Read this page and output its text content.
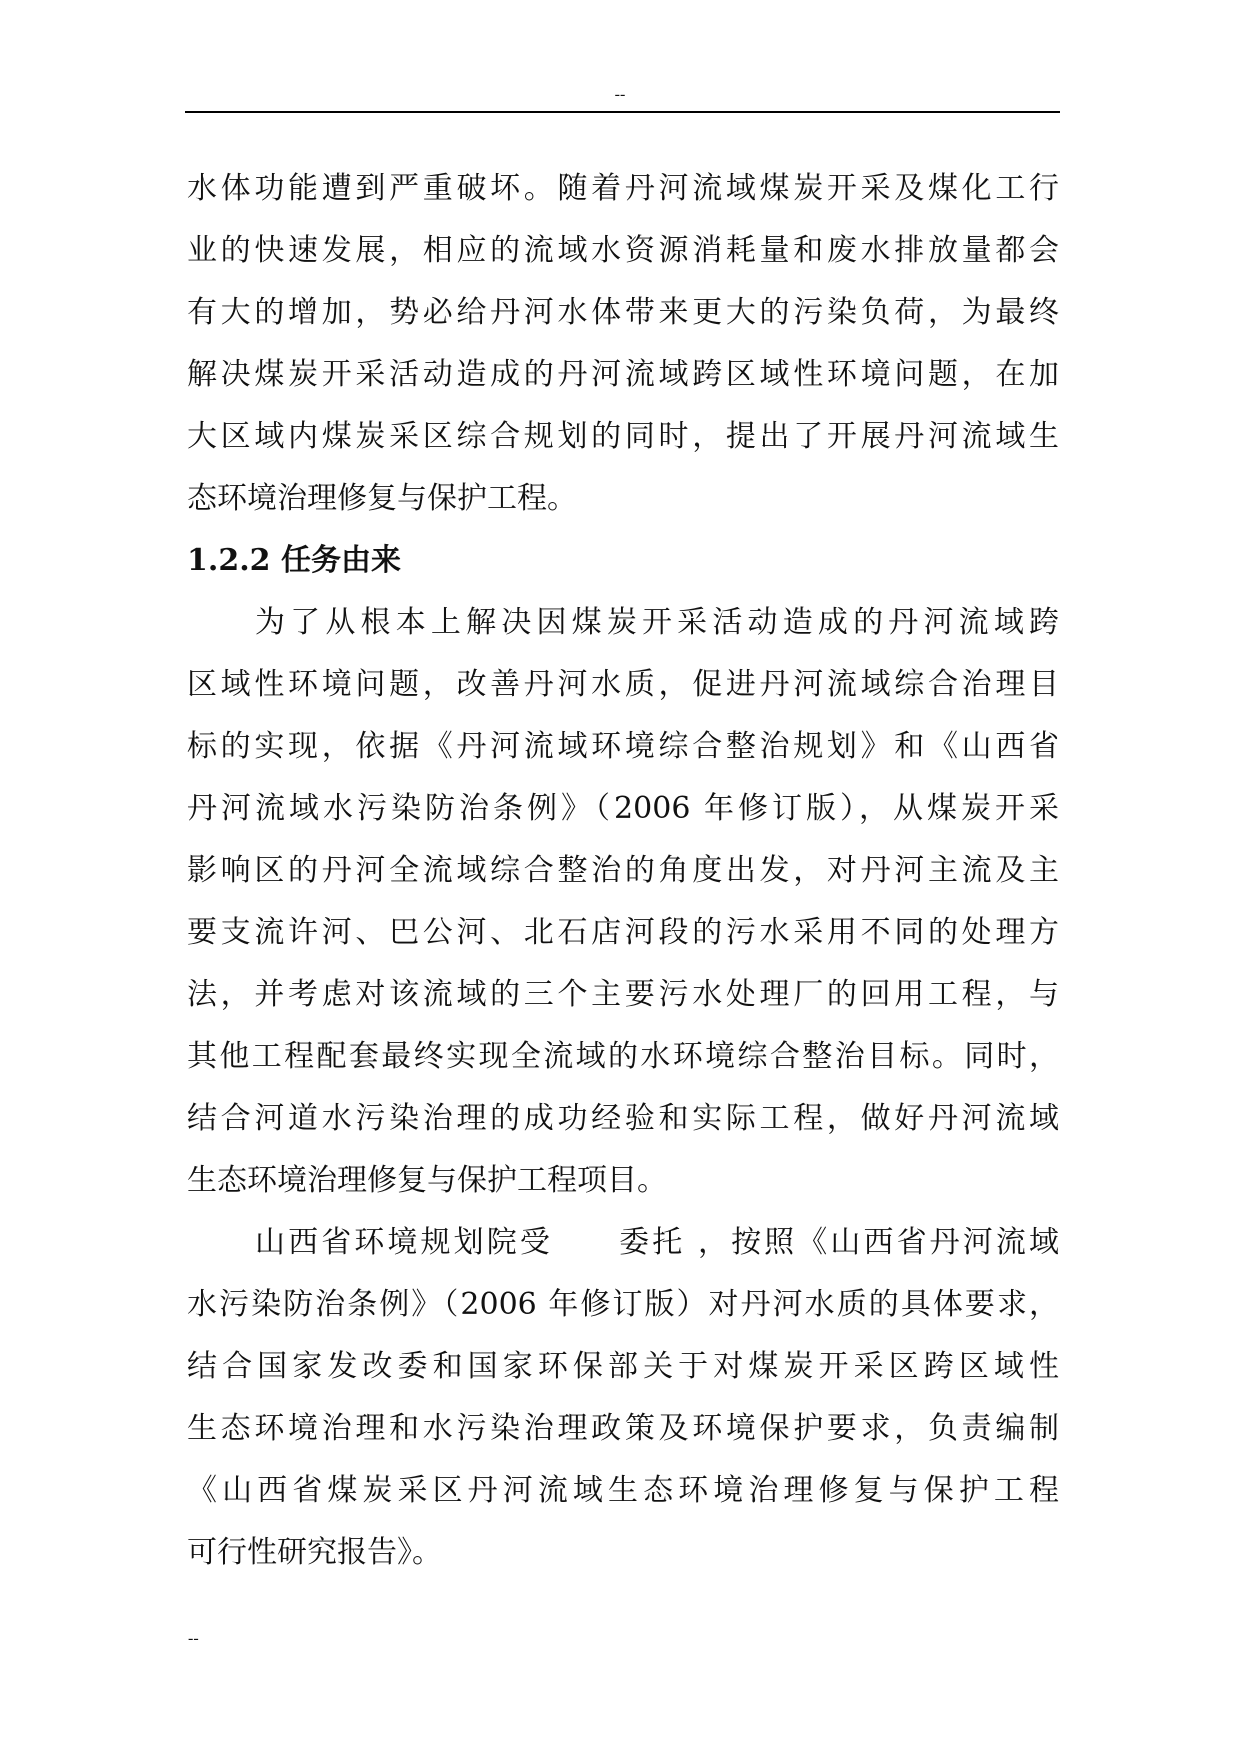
--
水体功能遭到严重破坏。随着丹河流域煤炭开采及煤化工行
业的快速发展，相应的流域水资源消耗量和废水排放量都会
有大的增加，势必给丹河水体带来更大的污染负荷，为最终
解决煤炭开采活动造成的丹河流域跨区域性环境问题，在加
大区域内煤炭采区综合规划的同时，提出了开展丹河流域生
态环境治理修复与保护工程。
1.2.2 任务由来
为了从根本上解决因煤炭开采活动造成的丹河流域跨
区域性环境问题，改善丹河水质，促进丹河流域综合治理目
标的实现，依据《丹河流域环境综合整治规划》和《山西省
丹河流域水污染防治条例》（2006 年修订版），从煤炭开采
影响区的丹河全流域综合整治的角度出发，对丹河主流及主
要支流许河、巴公河、北石店河段的污水采用不同的处理方
法，并考虑对该流域的三个主要污水处理厂的回用工程，与
其他工程配套最终实现全流域的水环境综合整治目标。同时，
结合河道水污染治理的成功经验和实际工程，做好丹河流域
生态环境治理修复与保护工程项目。
山西省环境规划院受　　委托 ，按照《山西省丹河流域
水污染防治条例》（2006 年修订版）对丹河水质的具体要求，
结合国家发改委和国家环保部关于对煤炭开采区跨区域性
生态环境治理和水污染治理政策及环境保护要求，负责编制
《山西省煤炭采区丹河流域生态环境治理修复与保护工程
可行性研究报告》。
--
